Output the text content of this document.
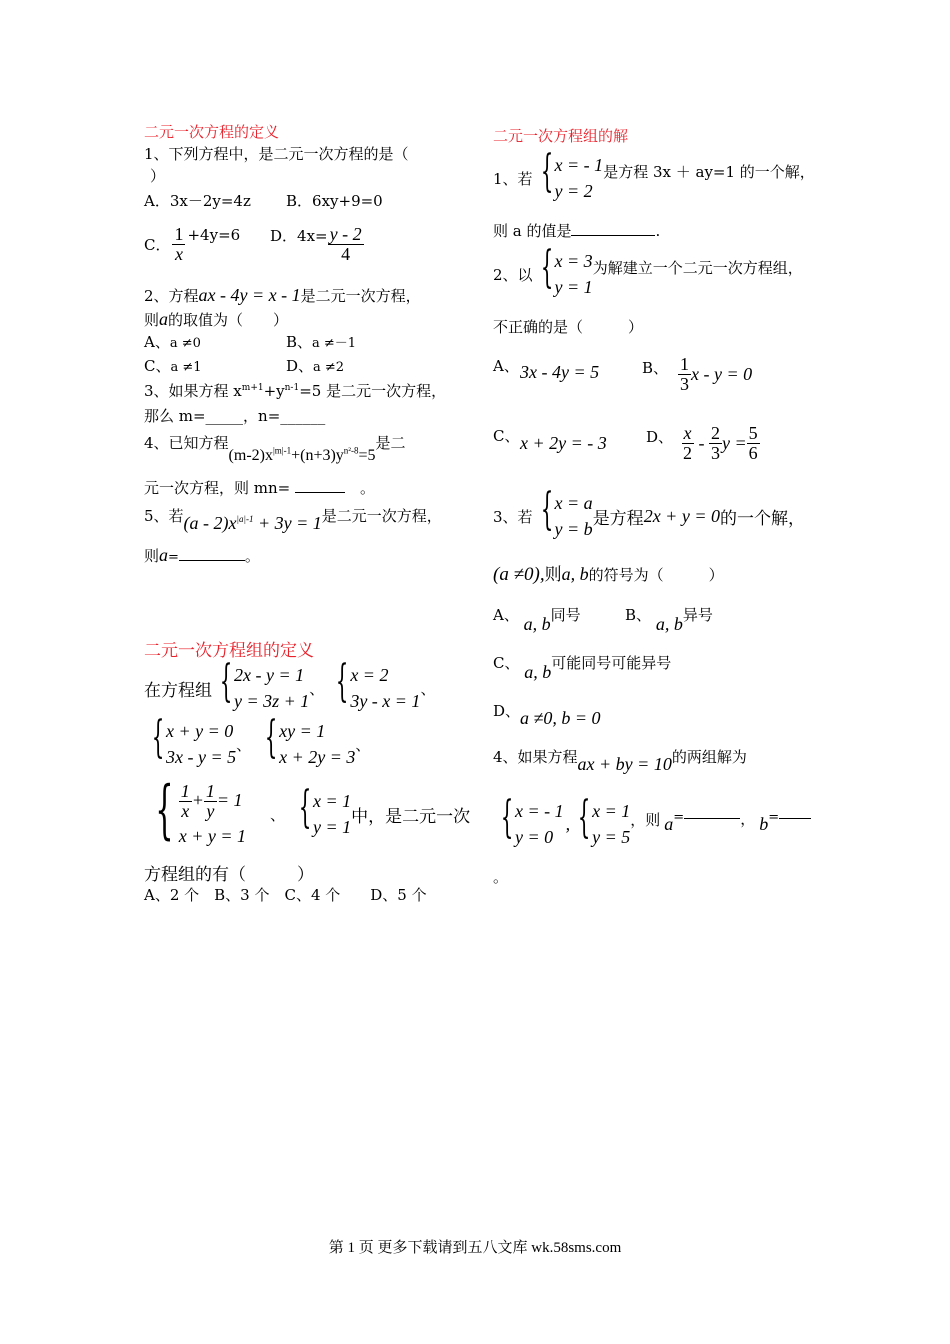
二元一次方程的定义
1、下列方程中，是二元一次方程的是（
）
A．3x－2y=4z B．6xy+9=0
C． $\frac{1}{x} +4y=6$ D．$4x= \frac{y - 2}{4}$
2、方程ax - 4y = x - 1是二元一次方程，
则a的取值为（　　）
A、a ≠0	B、a ≠－1
C、a ≠1	D、a ≠2
3、如果方程 $x^{m+1}+y^{n-1}=5$ 是二元一次方程，
那么 m=_____，n=______
4、已知方程$(m-2)x^{|m|-1}+(n+3)y^{n^2-8}=5$是二
元一次方程，则 mn= 　	。
5、若$(a - 2)x^{|a|-1} + 3y = 1$是二元一次方程，
则a=	。
二元一次方程组的定义
在方程组 { 2x - y = 1
y = 3z + 1
、 { x = 2
3y - x = 1
、
{ x + y = 0
3x - y = 5
、 { xy = 1
x + 2y = 3
、
{ $\frac{1}{x} + \frac{1}{y} = 1$
x + y = 1
、 { x = 1
y = 1
中，是二元一次
方程组的有（　　　）
A、2 个　B、3 个　C、4 个　　D、5 个
二元一次方程组的解
1、若 { x = - 1
y = 2
是方程 3x ＋ ay=1 的一个解，
则 a 的值是	.
2、以 { x = 3
y = 1
为解建立一个二元一次方程组，
不正确的是（　　　）
A、 3x - 4y = 5	B、 $\frac{1}{3}$ x - y = 0
C、 x + 2y = - 3	D、 $\frac{x}{2} - \frac{2}{3}$ $y = \frac{5}{6}$
3、若 { x = a
y = b
是方程 2x + y = 0 的一个解，
(a ≠0),则a, b的符号为（　　　）
A、 a, b同号	B、 a, b异号
C、 a, b可能同号可能异号
D、 a ≠0, b = 0
4、如果方程ax + by = 10的两组解为
{ x = - 1
y = 0
, { x = 1
y = 5
，则 a =	， b =
。
第 1 页 更多下载请到五八文库 wk.58sms.com
